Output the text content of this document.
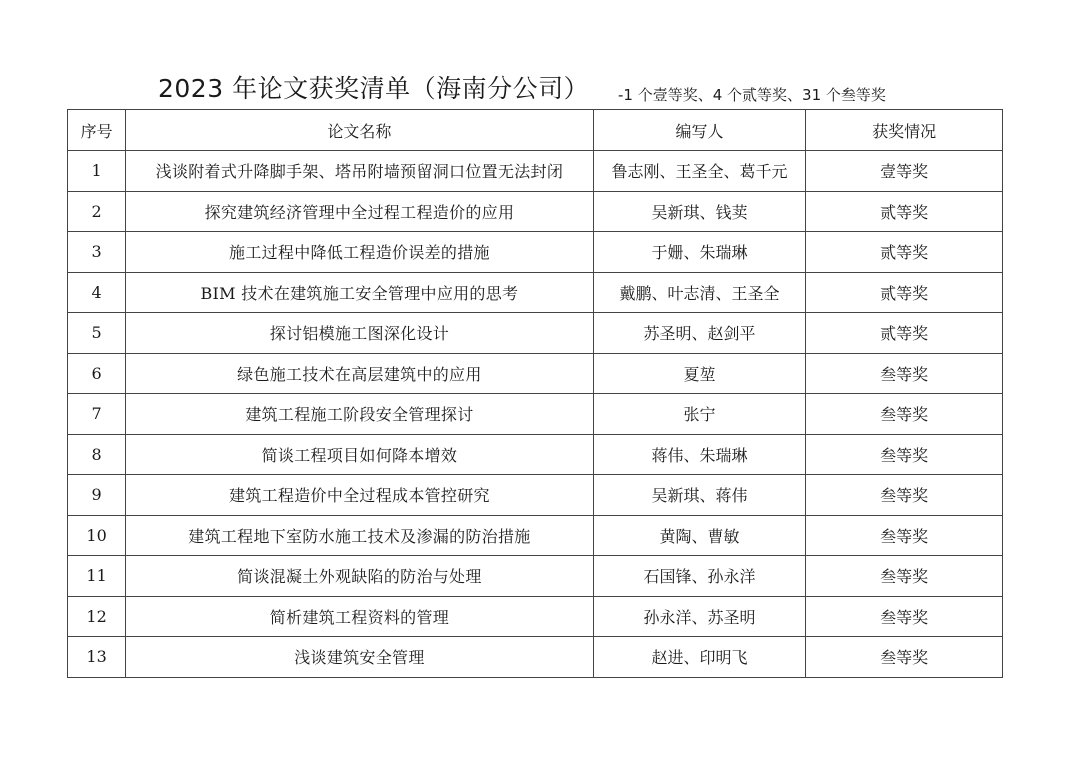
2023 年论文获奖清单（海南分公司） -1 个壹等奖、4 个贰等奖、31 个叁等奖
序号	论文名称	编写人	获奖情况
1	浅谈附着式升降脚手架、塔吊附墙预留洞口位置无法封闭	鲁志刚、王圣全、葛千元	壹等奖
2	探究建筑经济管理中全过程工程造价的应用	吴新琪、钱荬	贰等奖
3	施工过程中降低工程造价误差的措施	于姗、朱瑞琳	贰等奖
4	BIM 技术在建筑施工安全管理中应用的思考	戴鹏、叶志清、王圣全	贰等奖
5	探讨铝模施工图深化设计	苏圣明、赵剑平	贰等奖
6	绿色施工技术在高层建筑中的应用	夏堃	叁等奖
7	建筑工程施工阶段安全管理探讨	张宁	叁等奖
8	简谈工程项目如何降本增效	蒋伟、朱瑞琳	叁等奖
9	建筑工程造价中全过程成本管控研究	吴新琪、蒋伟	叁等奖
10	建筑工程地下室防水施工技术及渗漏的防治措施	黄陶、曹敏	叁等奖
11	简谈混凝土外观缺陷的防治与处理	石国锋、孙永洋	叁等奖
12	简析建筑工程资料的管理	孙永洋、苏圣明	叁等奖
13	浅谈建筑安全管理	赵进、印明飞	叁等奖
